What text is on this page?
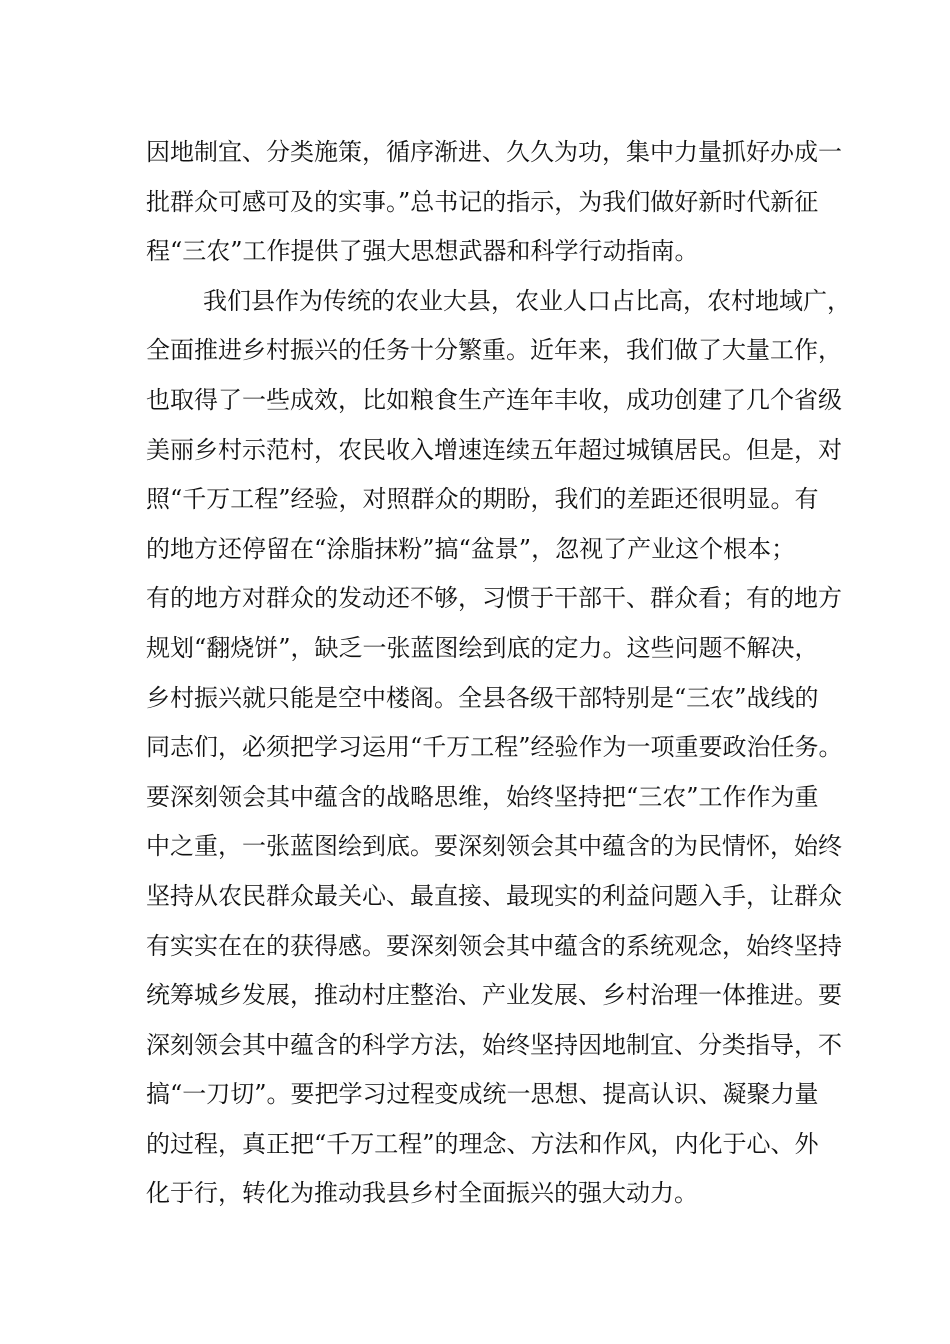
因地制宜、分类施策，循序渐进、久久为功，集中力量抓好办成一
批群众可感可及的实事。”总书记的指示，为我们做好新时代新征
程“三农”工作提供了强大思想武器和科学行动指南。
我们县作为传统的农业大县，农业人口占比高，农村地域广，
全面推进乡村振兴的任务十分繁重。近年来，我们做了大量工作，
也取得了一些成效，比如粮食生产连年丰收，成功创建了几个省级
美丽乡村示范村，农民收入增速连续五年超过城镇居民。但是，对
照“千万工程”经验，对照群众的期盼，我们的差距还很明显。有
的地方还停留在“涂脂抹粉”搞“盆景”，忽视了产业这个根本；
有的地方对群众的发动还不够，习惯于干部干、群众看；有的地方
规划“翻烧饼”，缺乏一张蓝图绘到底的定力。这些问题不解决，
乡村振兴就只能是空中楼阁。全县各级干部特别是“三农”战线的
同志们，必须把学习运用“千万工程”经验作为一项重要政治任务。
要深刻领会其中蕴含的战略思维，始终坚持把“三农”工作作为重
中之重，一张蓝图绘到底。要深刻领会其中蕴含的为民情怀，始终
坚持从农民群众最关心、最直接、最现实的利益问题入手，让群众
有实实在在的获得感。要深刻领会其中蕴含的系统观念，始终坚持
统筹城乡发展，推动村庄整治、产业发展、乡村治理一体推进。要
深刻领会其中蕴含的科学方法，始终坚持因地制宜、分类指导，不
搞“一刀切”。要把学习过程变成统一思想、提高认识、凝聚力量
的过程，真正把“千万工程”的理念、方法和作风，内化于心、外
化于行，转化为推动我县乡村全面振兴的强大动力。
